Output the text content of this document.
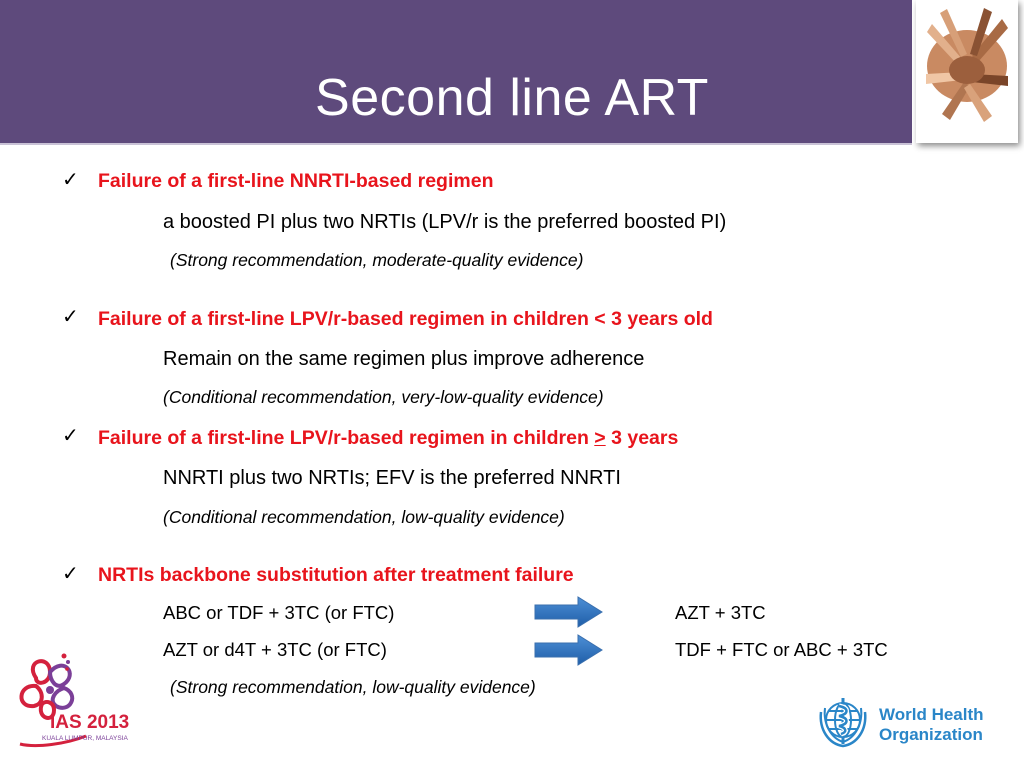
Second line ART
✓ Failure of a first-line NNRTI-based regimen
a boosted PI plus two NRTIs (LPV/r is the preferred boosted PI)
(Strong recommendation, moderate-quality evidence)
✓ Failure of a first-line LPV/r-based regimen in children < 3 years old
Remain on the same regimen plus improve adherence
(Conditional recommendation, very-low-quality evidence)
✓ Failure of a first-line LPV/r-based regimen in children ≥ 3 years
NNRTI plus two NRTIs; EFV is the preferred NNRTI
(Conditional recommendation, low-quality evidence)
✓ NRTIs backbone substitution after treatment failure
ABC or TDF + 3TC (or FTC)	AZT + 3TC
AZT or d4T + 3TC (or FTC)	TDF + FTC or ABC + 3TC
(Strong recommendation, low-quality evidence)
IAS 2013
KUALA LUMPUR, MALAYSIA
World Health
Organization
